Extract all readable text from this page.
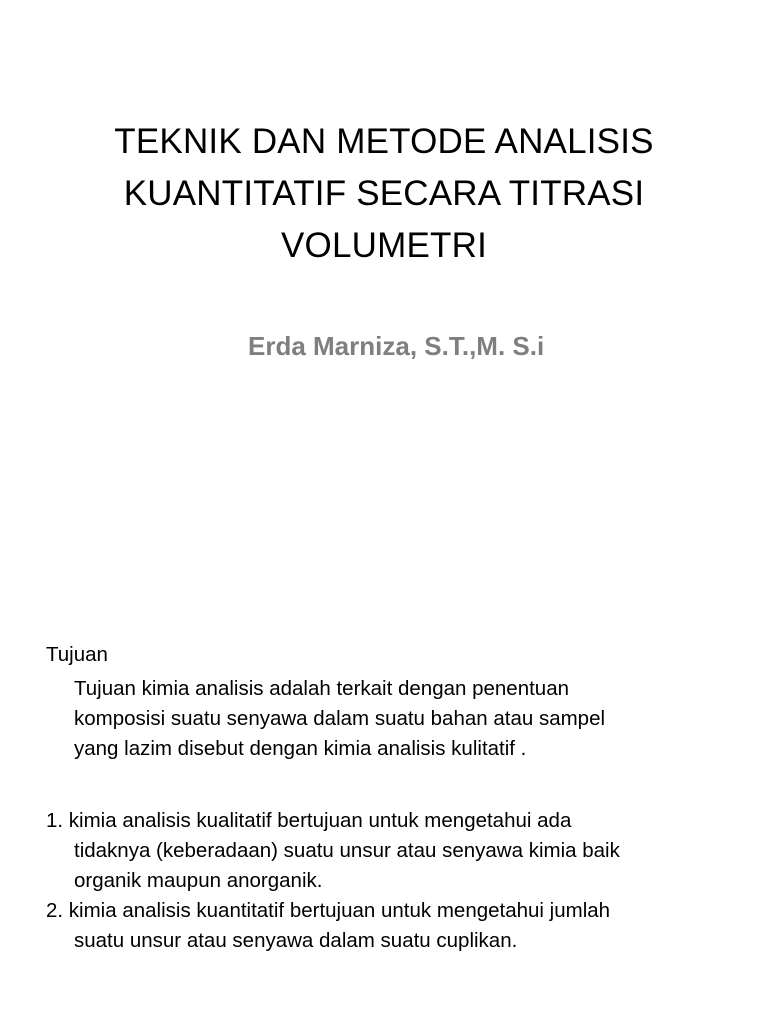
TEKNIK DAN METODE ANALISIS
KUANTITATIF SECARA TITRASI
VOLUMETRI

Erda Marniza, S.T.,M. S.i

Tujuan

Tujuan kimia analisis adalah terkait dengan penentuan
komposisi suatu senyawa dalam suatu bahan atau sampel
yang lazim disebut dengan kimia analisis kulitatif .

1. kimia analisis kualitatif bertujuan untuk mengetahui ada
tidaknya (keberadaan) suatu unsur atau senyawa kimia baik
organik maupun anorganik.

2. kimia analisis kuantitatif bertujuan untuk mengetahui jumlah
suatu unsur atau senyawa dalam suatu cuplikan.
